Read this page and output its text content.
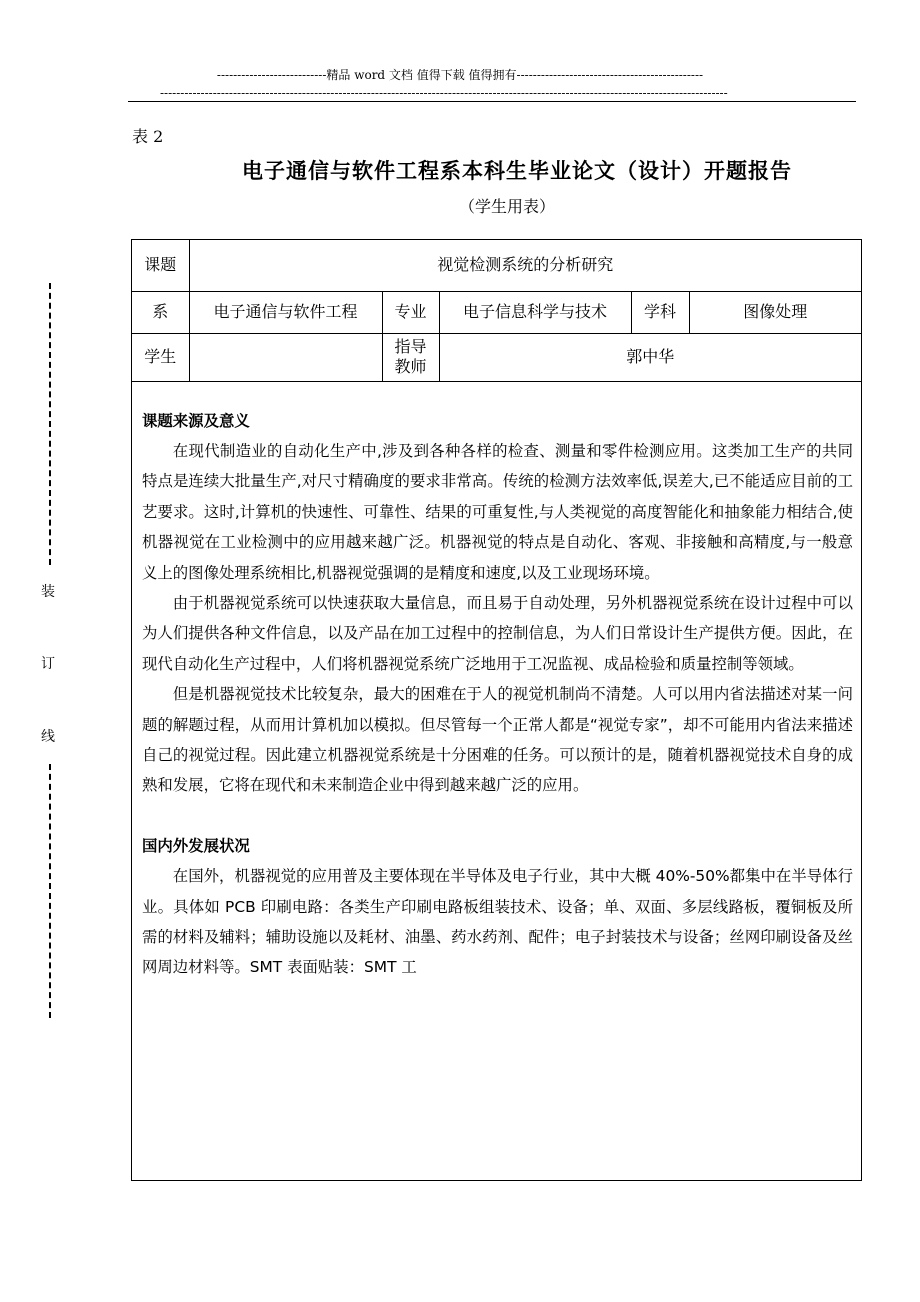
---------------------------精品 word 文档 值得下载 值得拥有----------------------------------------------
--------------------------------------------------------------------------------------------------------------------------------------------
表 2
电子通信与软件工程系本科生毕业论文（设计）开题报告
（学生用表）
装
订
线
课题	视觉检测系统的分析研究				
系	电子通信与软件工程	专业	电子信息科学与技术	学科	图像处理
学生		指导
教师	郭中华		

课题来源及意义

在现代制造业的自动化生产中,涉及到各种各样的检查、测量和零件检测应用。这类加工生产的共同特点是连续大批量生产,对尺寸精确度的要求非常高。传统的检测方法效率低,误差大,已不能适应目前的工艺要求。这时,计算机的快速性、可靠性、结果的可重复性,与人类视觉的高度智能化和抽象能力相结合,使机器视觉在工业检测中的应用越来越广泛。机器视觉的特点是自动化、客观、非接触和高精度,与一般意义上的图像处理系统相比,机器视觉强调的是精度和速度,以及工业现场环境。

由于机器视觉系统可以快速获取大量信息，而且易于自动处理，另外机器视觉系统在设计过程中可以为人们提供各种文件信息，以及产品在加工过程中的控制信息，为人们日常设计生产提供方便。因此，在现代自动化生产过程中，人们将机器视觉系统广泛地用于工况监视、成品检验和质量控制等领域。

但是机器视觉技术比较复杂，最大的困难在于人的视觉机制尚不清楚。人可以用内省法描述对某一问题的解题过程，从而用计算机加以模拟。但尽管每一个正常人都是“视觉专家”，却不可能用内省法来描述自己的视觉过程。因此建立机器视觉系统是十分困难的任务。可以预计的是，随着机器视觉技术自身的成熟和发展，它将在现代和未来制造企业中得到越来越广泛的应用。

国内外发展状况

在国外，机器视觉的应用普及主要体现在半导体及电子行业，其中大概 40%-50%都集中在半导体行业。具体如 PCB 印刷电路：各类生产印刷电路板组装技术、设备；单、双面、多层线路板，覆铜板及所需的材料及辅料；辅助设施以及耗材、油墨、药水药剂、配件；电子封装技术与设备；丝网印刷设备及丝网周边材料等。SMT 表面贴装：SMT 工
